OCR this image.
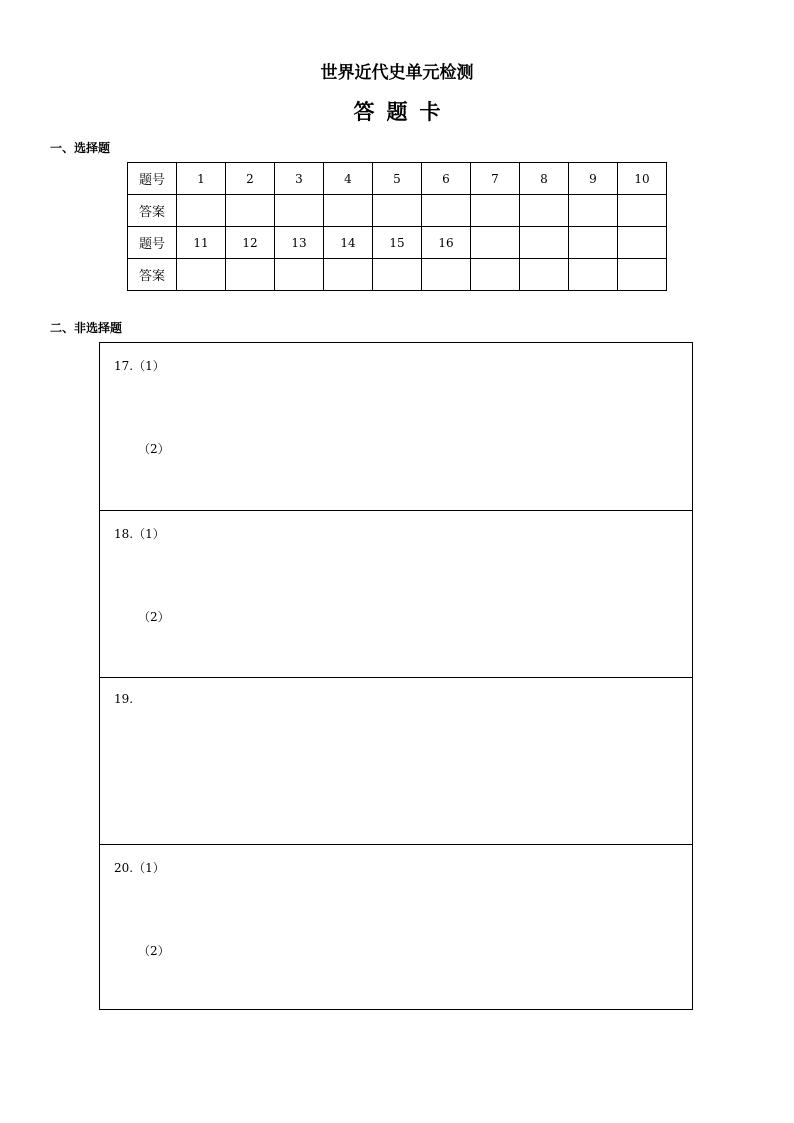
世界近代史单元检测
答题卡
一、选择题
题号	1	2	3	4	5	6	7	8	9	10
答案										
题号	11	12	13	14	15	16				
答案										
二、非选择题
17.（1）
（2）
18.（1）
（2）
19.
20.（1）
（2）
